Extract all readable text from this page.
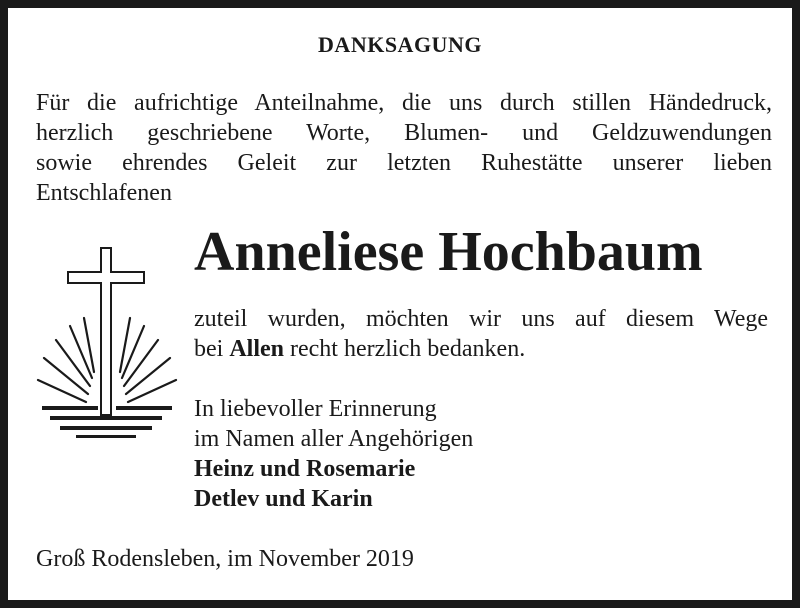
DANKSAGUNG
Für die aufrichtige Anteilnahme, die uns durch stillen Händedruck,
herzlich geschriebene Worte, Blumen- und Geldzuwendungen
sowie ehrendes Geleit zur letzten Ruhestätte unserer lieben
Entschlafenen
Anneliese Hochbaum
zuteil wurden, möchten wir uns auf diesem Wege
bei Allen recht herzlich bedanken.
In liebevoller Erinnerung
im Namen aller Angehörigen
Heinz und Rosemarie
Detlev und Karin
Groß Rodensleben, im November 2019
